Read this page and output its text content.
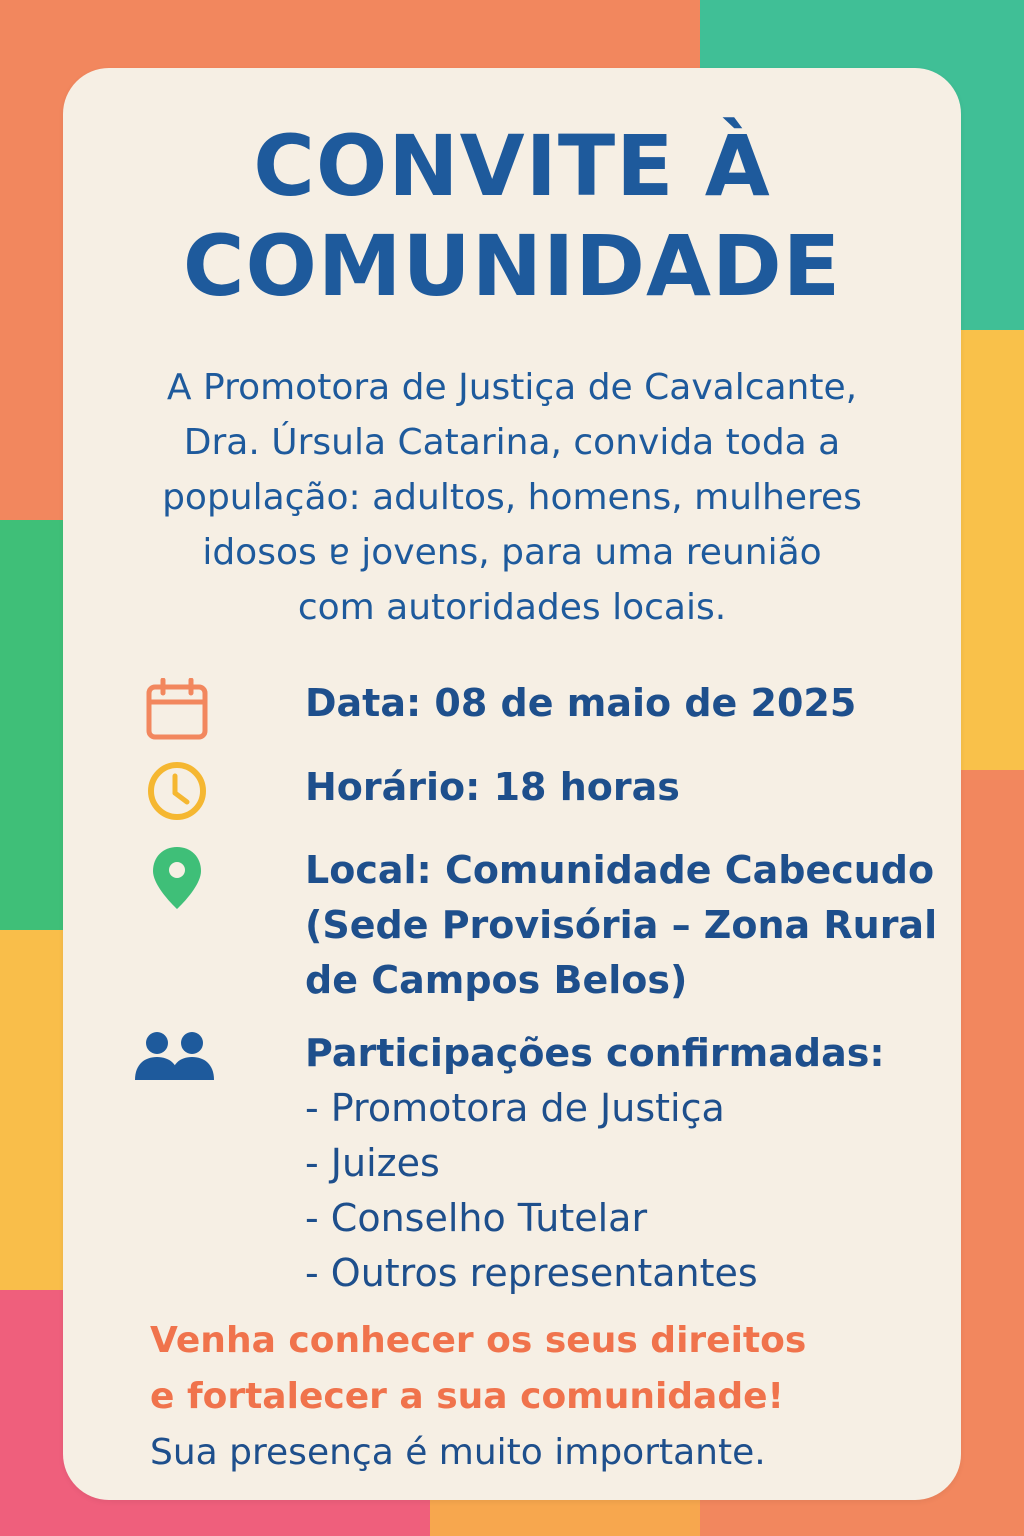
CONVITE À
COMUNIDADE
A Promotora de Justiça de Cavalcante,
Dra. Úrsula Catarina, convida toda a
população: adultos, homens, mulheres
idosos ɐ jovens, para uma reunião
com autoridades locais.
Data: 08 de maio de 2025
Horário: 18 horas
Local: Comunidade Cabecudo
(Sede Provisória – Zona Rural
de Campos Belos)
Participações confirmadas:
- Promotora de Justiça
- Juizes
- Conselho Tutelar
- Outros representantes
Venha conhecer os seus direitos
e fortalecer a sua comunidade!
Sua presença é muito importante.
